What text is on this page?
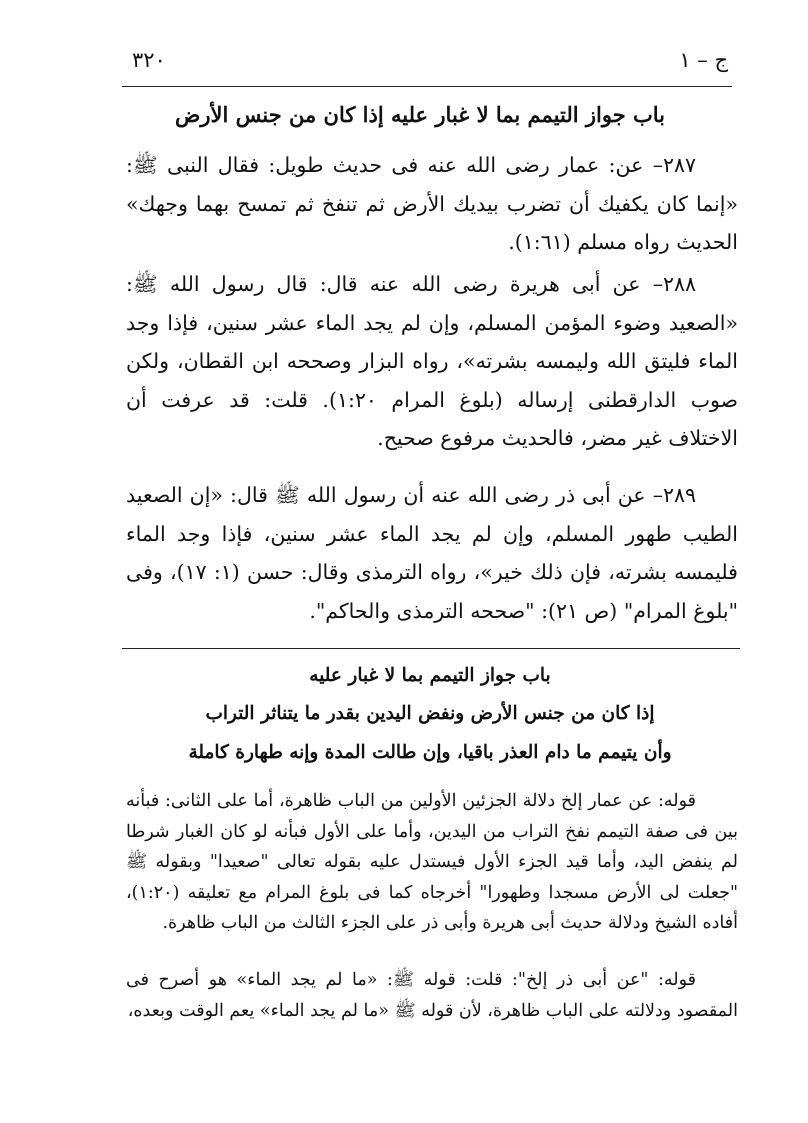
٣٢٠	ج – ١
باب جواز التيمم بما لا غبار عليه إذا كان من جنس الأرض
٢٨٧– عن: عمار رضى الله عنه فى حديث طويل: فقال النبى ﷺ: «إنما كان يكفيك أن تضرب بيديك الأرض ثم تنفخ ثم تمسح بهما وجهك» الحديث رواه مسلم (١:٦١).
٢٨٨– عن أبى هريرة رضى الله عنه قال: قال رسول الله ﷺ: «الصعيد وضوء المؤمن المسلم، وإن لم يجد الماء عشر سنين، فإذا وجد الماء فليتق الله وليمسه بشرته»، رواه البزار وصححه ابن القطان، ولكن صوب الدارقطنى إرساله (بلوغ المرام ١:٢٠). قلت: قد عرفت أن الاختلاف غير مضر، فالحديث مرفوع صحيح.
٢٨٩– عن أبى ذر رضى الله عنه أن رسول الله ﷺ قال: «إن الصعيد الطيب طهور المسلم، وإن لم يجد الماء عشر سنين، فإذا وجد الماء فليمسه بشرته، فإن ذلك خير»، رواه الترمذى وقال: حسن (١: ١٧)، وفى "بلوغ المرام" (ص ٢١): "صححه الترمذى والحاكم".
باب جواز التيمم بما لا غبار عليه
إذا كان من جنس الأرض ونفض اليدين بقدر ما يتناثر التراب
وأن يتيمم ما دام العذر باقيا، وإن طالت المدة وإنه طهارة كاملة
قوله: عن عمار إلخ دلالة الجزئين الأولين من الباب ظاهرة، أما على الثانى: فبأنه بين فى صفة التيمم نفخ التراب من اليدين، وأما على الأول فبأنه لو كان الغبار شرطا لم ينفض اليد، وأما قيد الجزء الأول فيستدل عليه بقوله تعالى "صعيدا" وبقوله ﷺ "جعلت لى الأرض مسجدا وطهورا" أخرجاه كما فى بلوغ المرام مع تعليقه (١:٢٠)، أفاده الشيخ ودلالة حديث أبى هريرة وأبى ذر على الجزء الثالث من الباب ظاهرة.
قوله: "عن أبى ذر إلخ": قلت: قوله ﷺ: «ما لم يجد الماء» هو أصرح فى المقصود ودلالته على الباب ظاهرة، لأن قوله ﷺ «ما لم يجد الماء» يعم الوقت وبعده،
